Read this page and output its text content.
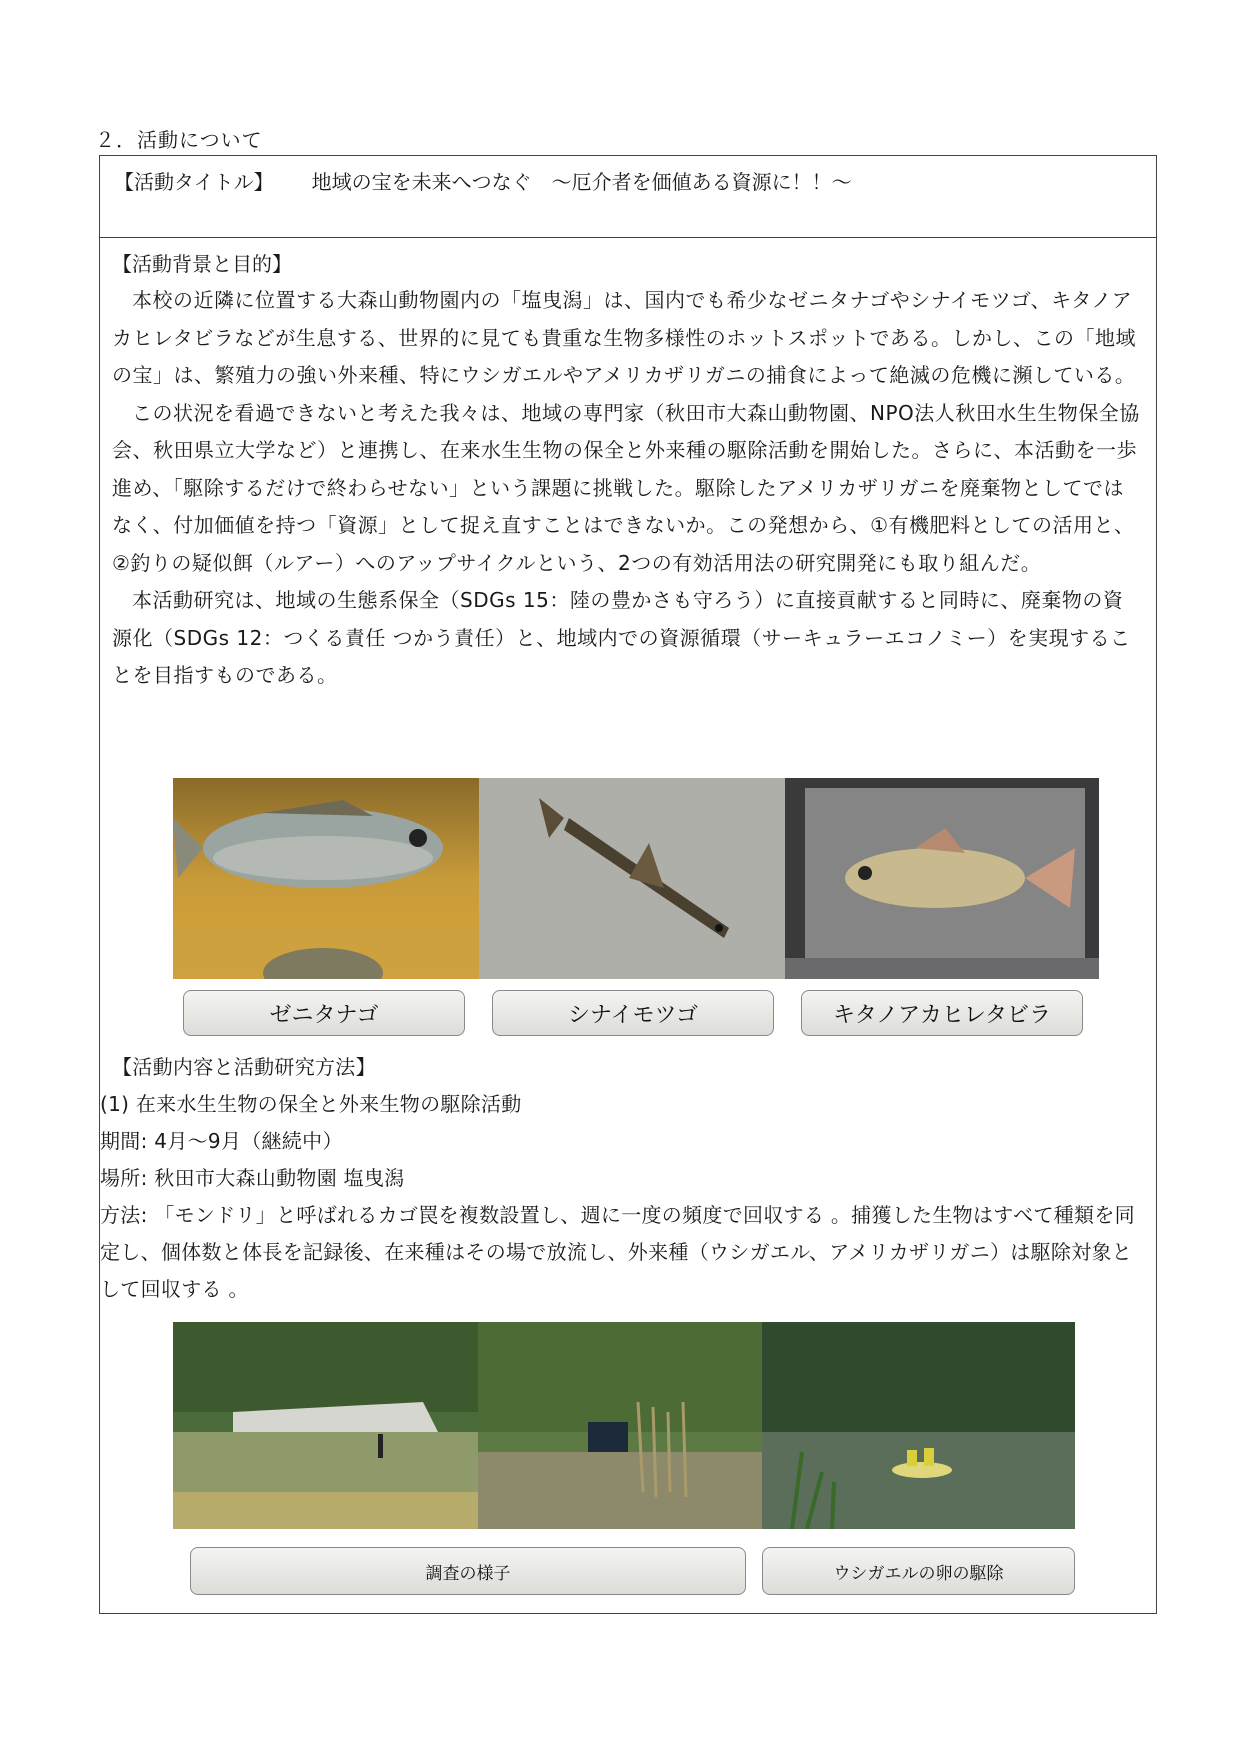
２．活動について
【活動タイトル】 地域の宝を未来へつなぐ　～厄介者を価値ある資源に！！～
【活動背景と目的】

本校の近隣に位置する大森山動物園内の「塩曳潟」は、国内でも希少なゼニタナゴやシナイモツゴ、キタノアカヒレタビラなどが生息する、世界的に見ても貴重な生物多様性のホットスポットである。しかし、この「地域の宝」は、繁殖力の強い外来種、特にウシガエルやアメリカザリガニの捕食によって絶滅の危機に瀕している。

この状況を看過できないと考えた我々は、地域の専門家（秋田市大森山動物園、NPO法人秋田水生生物保全協会、秋田県立大学など）と連携し、在来水生生物の保全と外来種の駆除活動を開始した。さらに、本活動を一歩進め、「駆除するだけで終わらせない」という課題に挑戦した。駆除したアメリカザリガニを廃棄物としてではなく、付加価値を持つ「資源」として捉え直すことはできないか。この発想から、①有機肥料としての活用と、②釣りの疑似餌（ルアー）へのアップサイクルという、2つの有効活用法の研究開発にも取り組んだ。

本活動研究は、地域の生態系保全（SDGs 15：陸の豊かさも守ろう）に直接貢献すると同時に、廃棄物の資源化（SDGs 12：つくる責任 つかう責任）と、地域内での資源循環（サーキュラーエコノミー）を実現することを目指すものである。

ゼニタナゴ	シナイモツゴ	キタノアカヒレタビラ

【活動内容と活動研究方法】

(1) 在来水生生物の保全と外来生物の駆除活動

期間: 4月～9月（継続中）

場所: 秋田市大森山動物園 塩曳潟

方法: 「モンドリ」と呼ばれるカゴ罠を複数設置し、週に一度の頻度で回収する 。捕獲した生物はすべて種類を同定し、個体数と体長を記録後、在来種はその場で放流し、外来種（ウシガエル、アメリカザリガニ）は駆除対象として回収する 。

調査の様子	ウシガエルの卵の駆除
